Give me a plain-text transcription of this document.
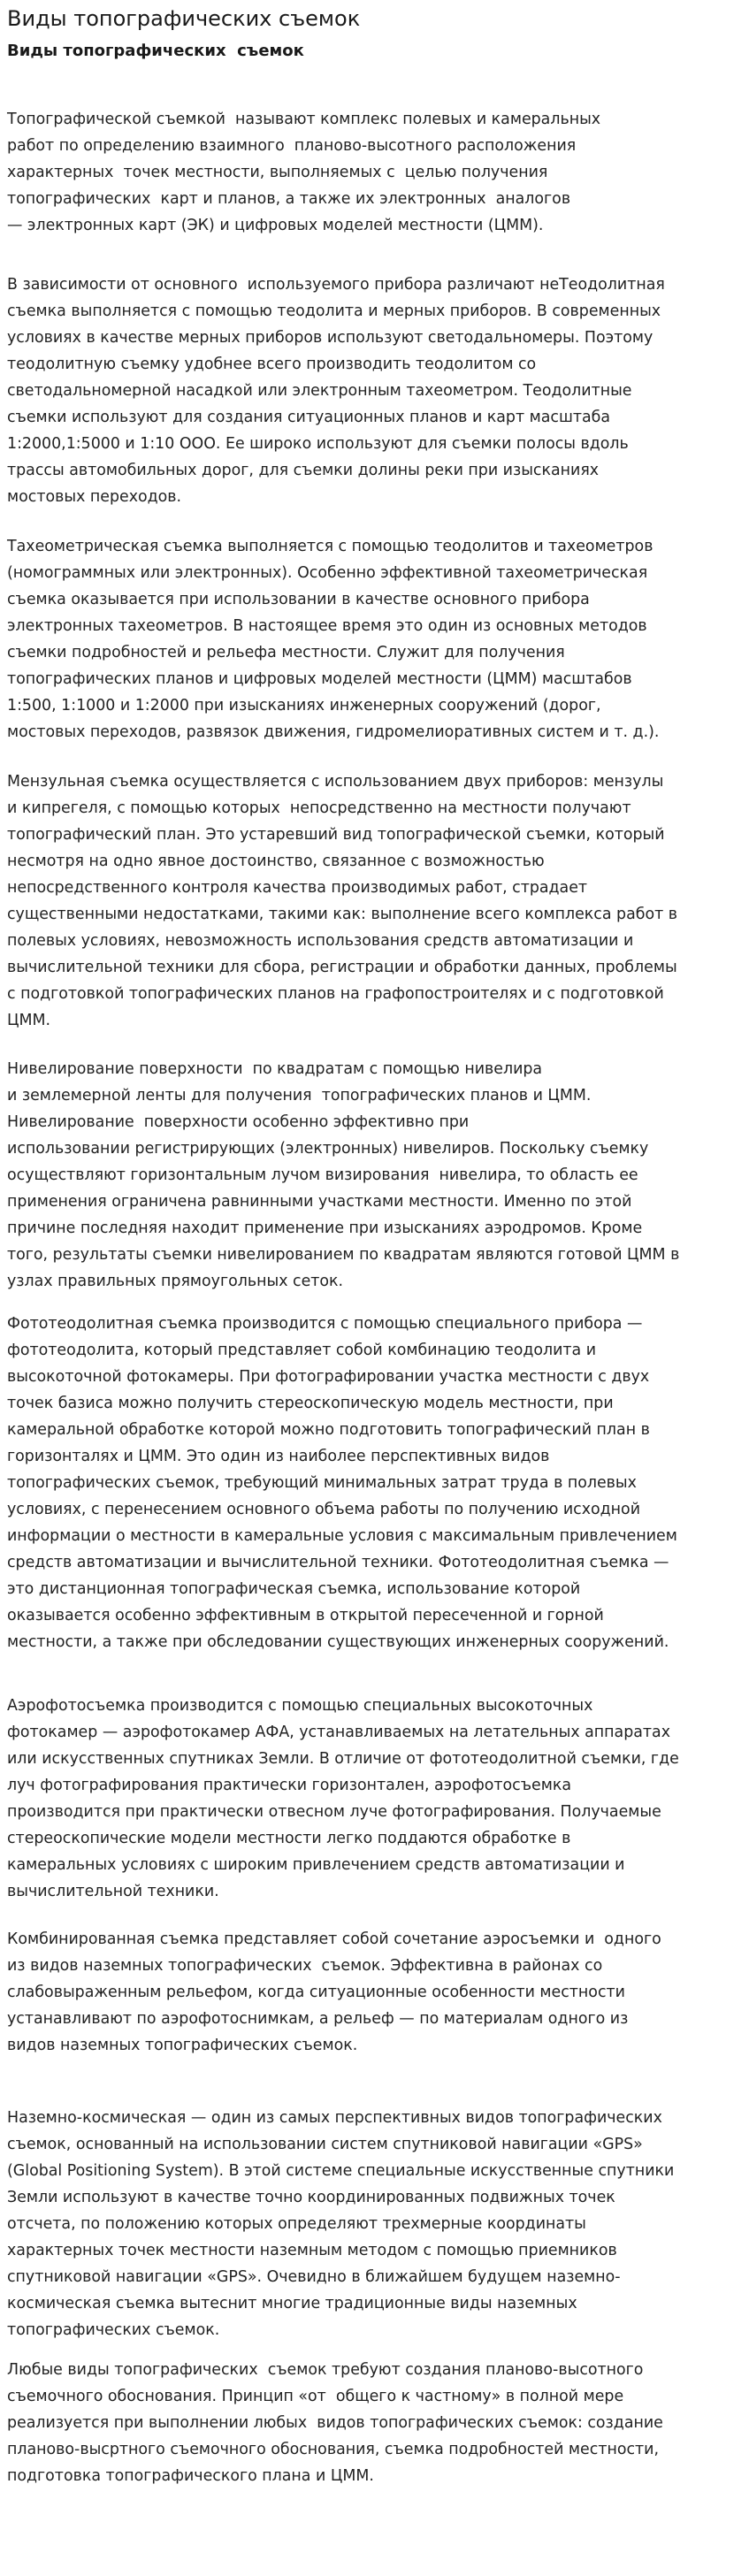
Виды топографических съемок
Виды топографических  съемок
Топографической съемкой  называют комплекс полевых и камеральных
работ по определению взаимного  планово-высотного расположения
характерных  точек местности, выполняемых с  целью получения
топографических  карт и планов, а также их электронных  аналогов
— электронных карт (ЭК) и цифровых моделей местности (ЦММ).
В зависимости от основного  используемого прибора различают неТеодолитная
съемка выполняется с помощью теодолита и мерных приборов. В современных
условиях в качестве мерных приборов используют светодальномеры. Поэтому
теодолитную съемку удобнее всего производить теодолитом со
светодальномерной насадкой или электронным тахеометром. Теодолитные
съемки используют для создания ситуационных планов и карт масштаба
1:2000,1:5000 и 1:10 ООО. Ее широко используют для съемки полосы вдоль
трассы автомобильных дорог, для съемки долины реки при изысканиях
мостовых переходов.
Тахеометрическая съемка выполняется с помощью теодолитов и тахеометров
(номограммных или электронных). Особенно эффективной тахеометрическая
съемка оказывается при использовании в качестве основного прибора
электронных тахеометров. В настоящее время это один из основных методов
съемки подробностей и рельефа местности. Служит для получения
топографических планов и цифровых моделей местности (ЦММ) масштабов
1:500, 1:1000 и 1:2000 при изысканиях инженерных сооружений (дорог,
мостовых переходов, развязок движения, гидромелиоративных систем и т. д.).
Мензульная съемка осуществляется с использованием двух приборов: мензулы
и кипрегеля, с помощью которых  непосредственно на местности получают
топографический план. Это устаревший вид топографической съемки, который
несмотря на одно явное достоинство, связанное с возможностью
непосредственного контроля качества производимых работ, страдает
существенными недостатками, такими как: выполнение всего комплекса работ в
полевых условиях, невозможность использования средств автоматизации и
вычислительной техники для сбора, регистрации и обработки данных, проблемы
с подготовкой топографических планов на графопостроителях и с подготовкой
ЦММ.
Нивелирование поверхности  по квадратам с помощью нивелира
и землемерной ленты для получения  топографических планов и ЦММ.
Нивелирование  поверхности особенно эффективно при
использовании регистрирующих (электронных) нивелиров. Поскольку съемку
осуществляют горизонтальным лучом визирования  нивелира, то область ее
применения ограничена равнинными участками местности. Именно по этой
причине последняя находит применение при изысканиях аэродромов. Кроме
того, результаты съемки нивелированием по квадратам являются готовой ЦММ в
узлах правильных прямоугольных сеток.
Фототеодолитная съемка производится с помощью специального прибора —
фототеодолита, который представляет собой комбинацию теодолита и
высокоточной фотокамеры. При фотографировании участка местности с двух
точек базиса можно получить стереоскопическую модель местности, при
камеральной обработке которой можно подготовить топографический план в
горизонталях и ЦММ. Это один из наиболее перспективных видов
топографических съемок, требующий минимальных затрат труда в полевых
условиях, с перенесением основного объема работы по получению исходной
информации о местности в камеральные условия с максимальным привлечением
средств автоматизации и вычислительной техники. Фототеодолитная съемка —
это дистанционная топографическая съемка, использование которой
оказывается особенно эффективным в открытой пересеченной и горной
местности, а также при обследовании существующих инженерных сооружений.
Аэрофотосъемка производится с помощью специальных высокоточных
фотокамер — аэрофотокамер АФА, устанавливаемых на летательных аппаратах
или искусственных спутниках Земли. В отличие от фототеодолитной съемки, где
луч фотографирования практически горизонтален, аэрофотосъемка
производится при практически отвесном луче фотографирования. Получаемые
стереоскопические модели местности легко поддаются обработке в
камеральных условиях с широким привлечением средств автоматизации и
вычислительной техники.
Комбинированная съемка представляет собой сочетание аэросъемки и  одного
из видов наземных топографических  съемок. Эффективна в районах со
слабовыраженным рельефом, когда ситуационные особенности местности
устанавливают по аэрофотоснимкам, а рельеф — по материалам одного из
видов наземных топографических съемок.
Наземно-космическая — один из самых перспективных видов топографических
съемок, основанный на использовании систем спутниковой навигации «GPS»
(Global Positioning System). В этой системе специальные искусственные спутники
Земли используют в качестве точно координированных подвижных точек
отсчета, по положению которых определяют трехмерные координаты
характерных точек местности наземным методом с помощью приемников
спутниковой навигации «GPS». Очевидно в ближайшем будущем наземно-
космическая съемка вытеснит многие традиционные виды наземных
топографических съемок.
Любые виды топографических  съемок требуют создания планово-высотного
съемочного обоснования. Принцип «от  общего к частному» в полной мере
реализуется при выполнении любых  видов топографических съемок: создание
планово-высртного съемочного обоснования, съемка подробностей местности,
подготовка топографического плана и ЦММ.
